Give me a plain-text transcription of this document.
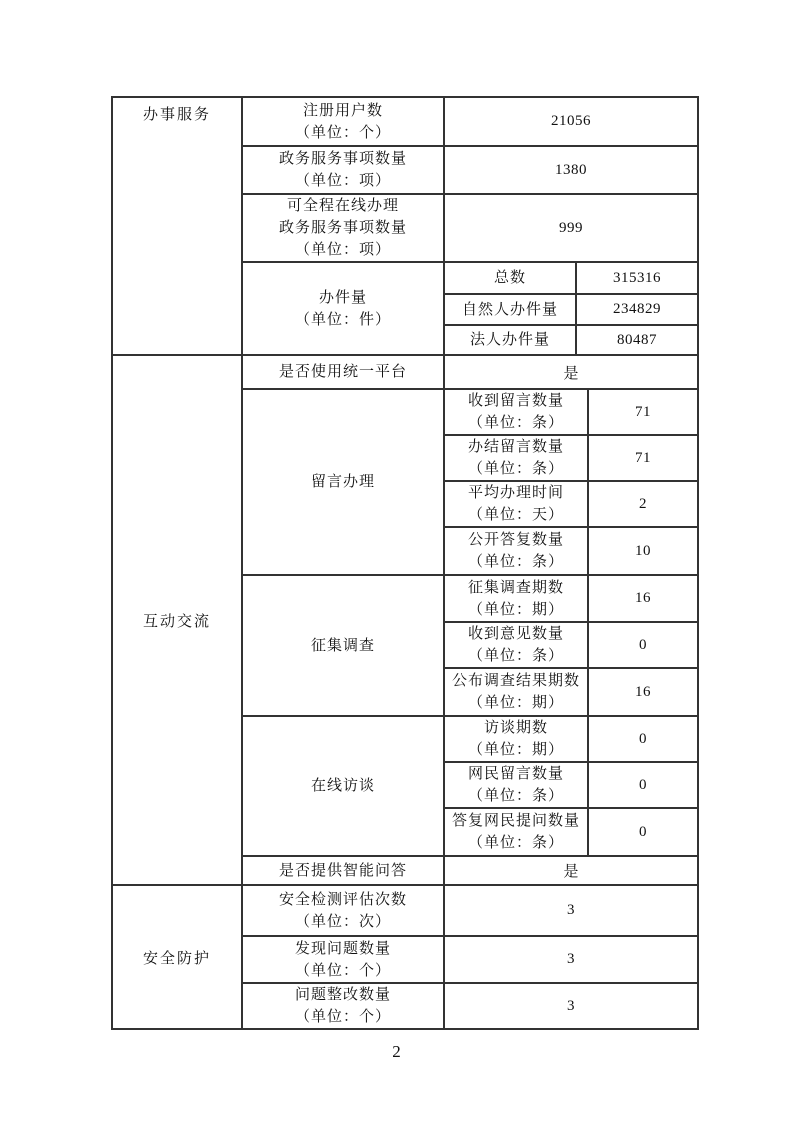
办事服务	注册用户数
（单位：个）	21056		

	政务服务事项数量
（单位：项）	1380		

	可全程在线办理
政务服务事项数量
（单位：项）	999		

	办件量
（单位：件）	总数	315316	

		自然人办件量	234829	

		法人办件量	80487	
互动交流	是否使用统一平台	是		

	留言办理	收到留言数量
（单位：条）		71

		办结留言数量
（单位：条）		71

		平均办理时间
（单位：天）		2

		公开答复数量
（单位：条）		10

	征集调查	征集调查期数
（单位：期）		16

		收到意见数量
（单位：条）		0

		公布调查结果期数
（单位：期）		16

	在线访谈	访谈期数
（单位：期）		0

		网民留言数量
（单位：条）		0

		答复网民提问数量
（单位：条）		0

	是否提供智能问答	是		
安全防护	安全检测评估次数
（单位：次）	3		

	发现问题数量
（单位：个）	3		

	问题整改数量
（单位：个）	3		
2
